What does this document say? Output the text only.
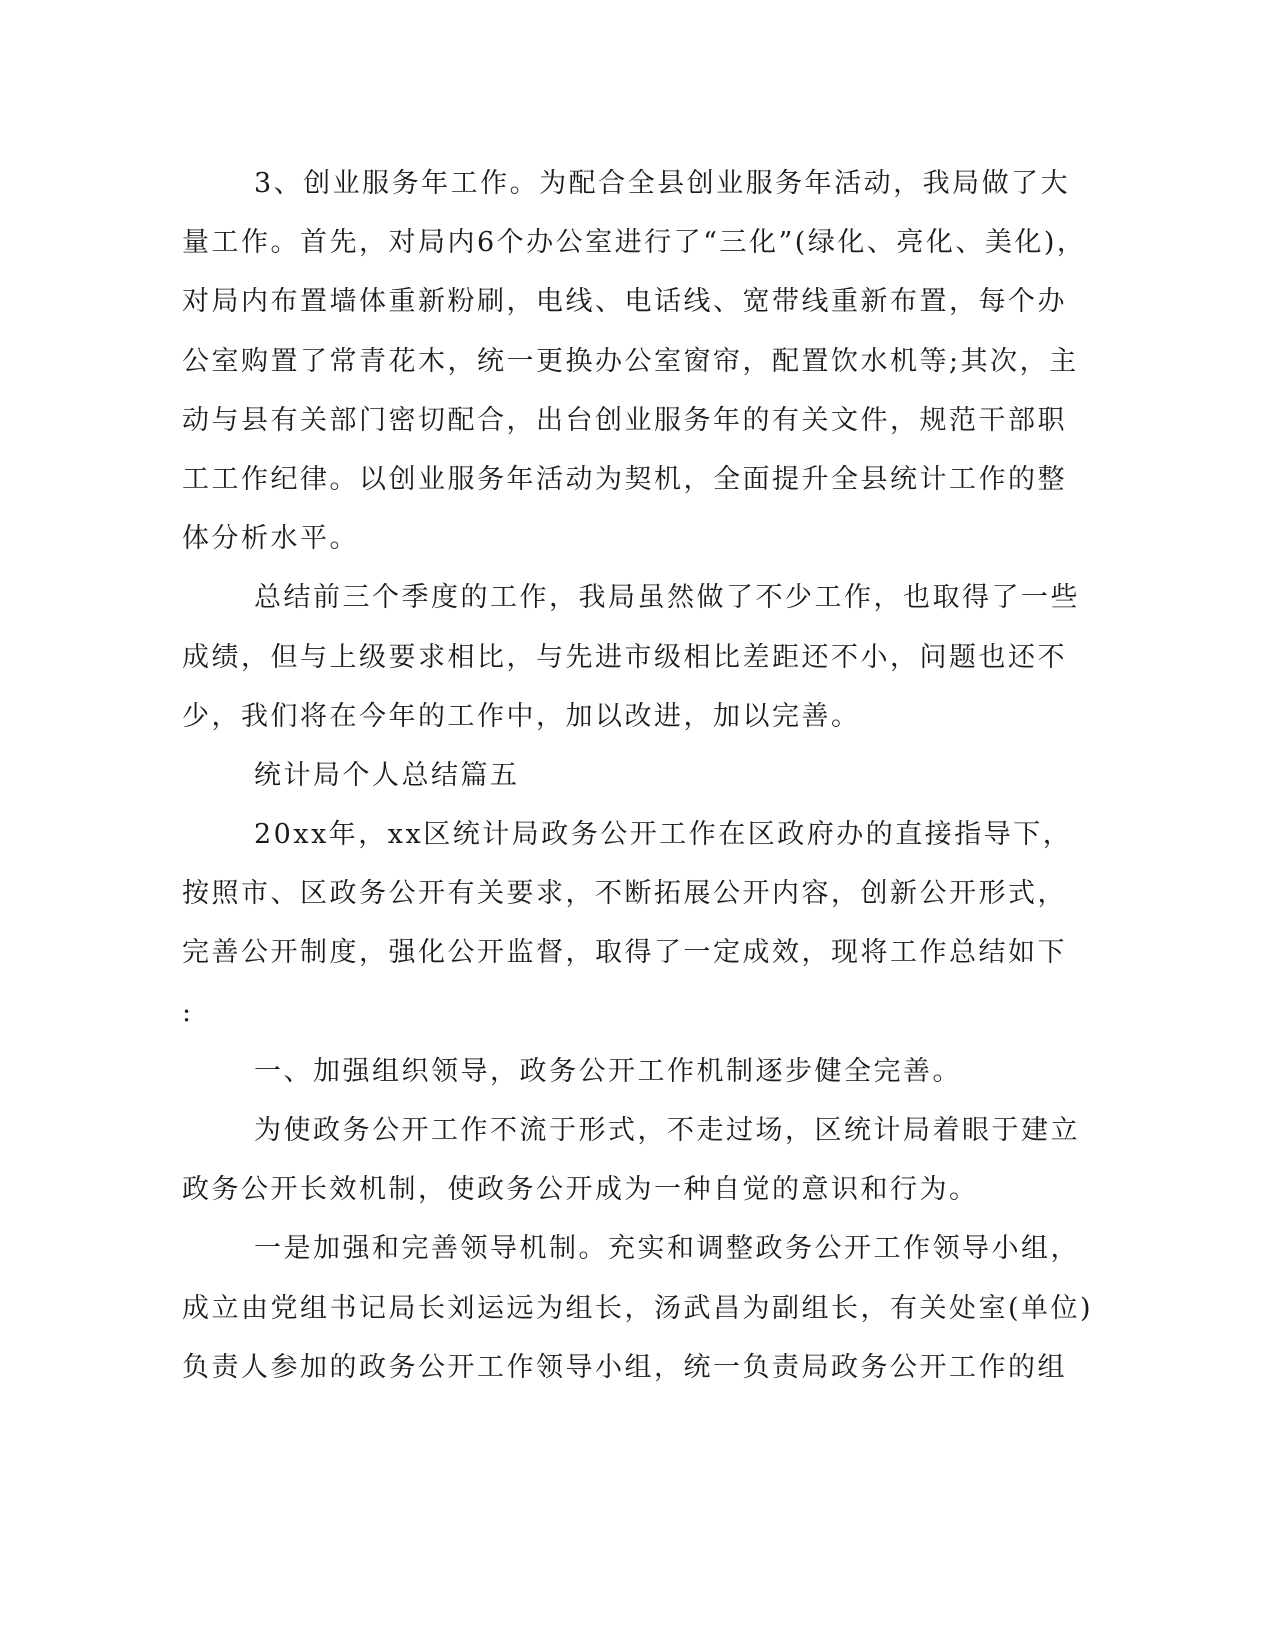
3、创业服务年工作。为配合全县创业服务年活动，我局做了大
量工作。首先，对局内6个办公室进行了“三化”(绿化、亮化、美化)，
对局内布置墙体重新粉刷，电线、电话线、宽带线重新布置，每个办
公室购置了常青花木，统一更换办公室窗帘，配置饮水机等;其次，主
动与县有关部门密切配合，出台创业服务年的有关文件，规范干部职
工工作纪律。以创业服务年活动为契机，全面提升全县统计工作的整
体分析水平。
总结前三个季度的工作，我局虽然做了不少工作，也取得了一些
成绩，但与上级要求相比，与先进市级相比差距还不小，问题也还不
少，我们将在今年的工作中，加以改进，加以完善。
统计局个人总结篇五
20xx年，xx区统计局政务公开工作在区政府办的直接指导下，
按照市、区政务公开有关要求，不断拓展公开内容，创新公开形式，
完善公开制度，强化公开监督，取得了一定成效，现将工作总结如下
:
一、加强组织领导，政务公开工作机制逐步健全完善。
为使政务公开工作不流于形式，不走过场，区统计局着眼于建立
政务公开长效机制，使政务公开成为一种自觉的意识和行为。
一是加强和完善领导机制。充实和调整政务公开工作领导小组，
成立由党组书记局长刘运远为组长，汤武昌为副组长，有关处室(单位)
负责人参加的政务公开工作领导小组，统一负责局政务公开工作的组
